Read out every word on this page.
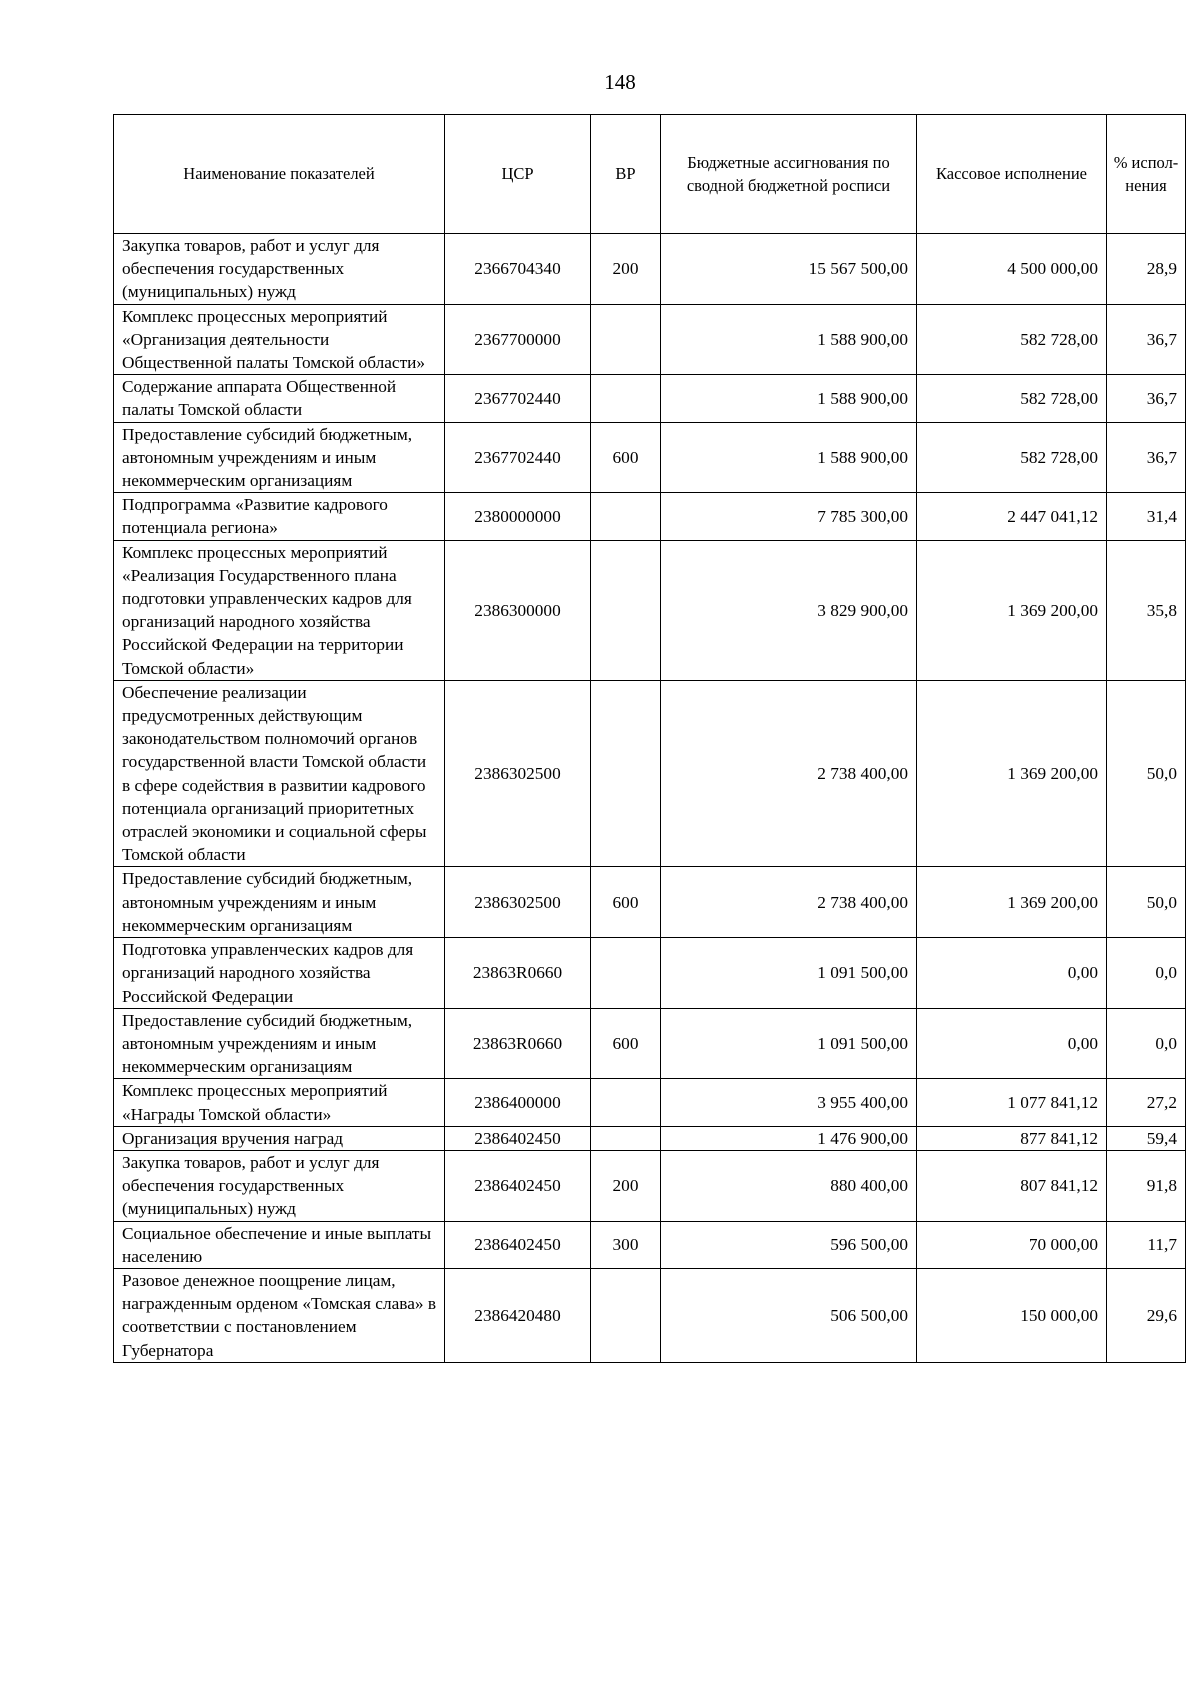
148
Наименование показателей	ЦСР	ВР	Бюджетные ассигнования по сводной бюджетной росписи	Кассовое исполнение	% испол-нения
Закупка товаров, работ и услуг для обеспечения государственных (муниципальных) нужд	2366704340	200	15 567 500,00	4 500 000,00	28,9
Комплекс процессных мероприятий «Организация деятельности Общественной палаты Томской области»	2367700000		1 588 900,00	582 728,00	36,7
Содержание аппарата Общественной палаты Томской области	2367702440		1 588 900,00	582 728,00	36,7
Предоставление субсидий бюджетным, автономным учреждениям и иным некоммерческим организациям	2367702440	600	1 588 900,00	582 728,00	36,7
Подпрограмма «Развитие кадрового потенциала региона»	2380000000		7 785 300,00	2 447 041,12	31,4
Комплекс процессных мероприятий «Реализация Государственного плана подготовки управленческих кадров для организаций народного хозяйства Российской Федерации на территории Томской области»	2386300000		3 829 900,00	1 369 200,00	35,8
Обеспечение реализации предусмотренных действующим законодательством полномочий органов государственной власти Томской области в сфере содействия в развитии кадрового потенциала организаций приоритетных отраслей экономики и социальной сферы Томской области	2386302500		2 738 400,00	1 369 200,00	50,0
Предоставление субсидий бюджетным, автономным учреждениям и иным некоммерческим организациям	2386302500	600	2 738 400,00	1 369 200,00	50,0
Подготовка управленческих кадров для организаций народного хозяйства Российской Федерации	23863R0660		1 091 500,00	0,00	0,0
Предоставление субсидий бюджетным, автономным учреждениям и иным некоммерческим организациям	23863R0660	600	1 091 500,00	0,00	0,0
Комплекс процессных мероприятий «Награды Томской области»	2386400000		3 955 400,00	1 077 841,12	27,2
Организация вручения наград	2386402450		1 476 900,00	877 841,12	59,4
Закупка товаров, работ и услуг для обеспечения государственных (муниципальных) нужд	2386402450	200	880 400,00	807 841,12	91,8
Социальное обеспечение и иные выплаты населению	2386402450	300	596 500,00	70 000,00	11,7
Разовое денежное поощрение лицам, награжденным орденом «Томская слава» в соответствии с постановлением Губернатора	2386420480		506 500,00	150 000,00	29,6
